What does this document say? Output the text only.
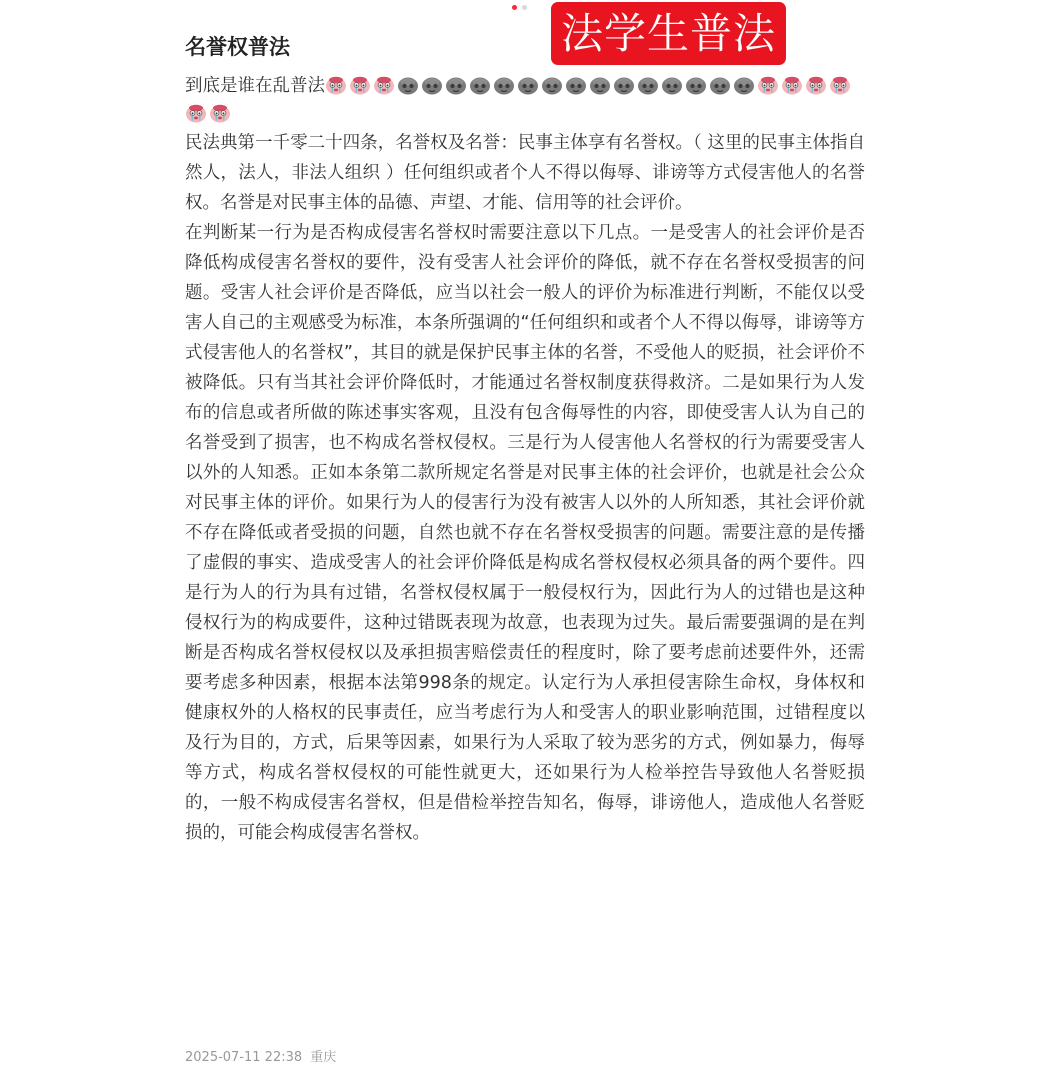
法学生普法
名誉权普法
到底是谁在乱普法

民法典第一千零二十四条，名誉权及名誉：民事主体享有名誉权。（ 这里的民事主体指自然人，法人，非法人组织 ）任何组织或者个人不得以侮辱、诽谤等方式侵害他人的名誉权。名誉是对民事主体的品德、声望、才能、信用等的社会评价。

在判断某一行为是否构成侵害名誉权时需要注意以下几点。一是受害人的社会评价是否降低构成侵害名誉权的要件，没有受害人社会评价的降低，就不存在名誉权受损害的问题。受害人社会评价是否降低，应当以社会一般人的评价为标准进行判断，不能仅以受害人自己的主观感受为标准，本条所强调的“任何组织和或者个人不得以侮辱，诽谤等方式侵害他人的名誉权”，其目的就是保护民事主体的名誉，不受他人的贬损，社会评价不被降低。只有当其社会评价降低时，才能通过名誉权制度获得救济。二是如果行为人发布的信息或者所做的陈述事实客观，且没有包含侮辱性的内容，即使受害人认为自己的名誉受到了损害，也不构成名誉权侵权。三是行为人侵害他人名誉权的行为需要受害人以外的人知悉。正如本条第二款所规定名誉是对民事主体的社会评价，也就是社会公众对民事主体的评价。如果行为人的侵害行为没有被害人以外的人所知悉，其社会评价就不存在降低或者受损的问题，自然也就不存在名誉权受损害的问题。需要注意的是传播了虚假的事实、造成受害人的社会评价降低是构成名誉权侵权必须具备的两个要件。四是行为人的行为具有过错，名誉权侵权属于一般侵权行为，因此行为人的过错也是这种侵权行为的构成要件，这种过错既表现为故意，也表现为过失。最后需要强调的是在判断是否构成名誉权侵权以及承担损害赔偿责任的程度时，除了要考虑前述要件外，还需要考虑多种因素，根据本法第998条的规定。认定行为人承担侵害除生命权，身体权和健康权外的人格权的民事责任，应当考虑行为人和受害人的职业影响范围，过错程度以及行为目的，方式，后果等因素，如果行为人采取了较为恶劣的方式，例如暴力，侮辱等方式，构成名誉权侵权的可能性就更大，还如果行为人检举控告导致他人名誉贬损的，一般不构成侵害名誉权，但是借检举控告知名，侮辱，诽谤他人，造成他人名誉贬损的，可能会构成侵害名誉权。

2025-07-11 22:38 重庆
